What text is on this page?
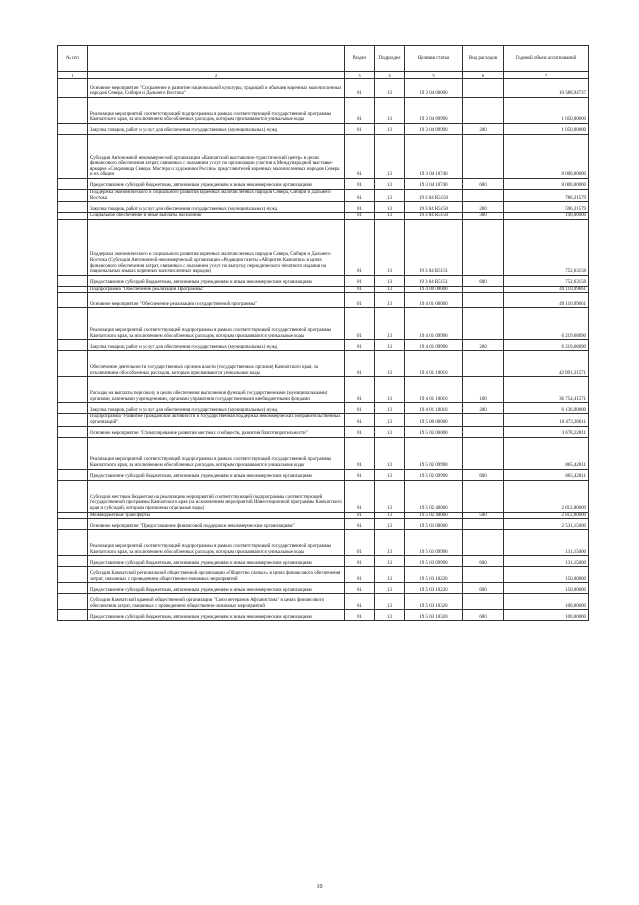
№ п/п		Раздел	Подраздел	Целевая статья	Вид расходов	Годовой объем ассигнований
1	2	3	4	5	6	7
	Основное мероприятие "Сохранение и развитие национальной культуры, традиций и обычаев коренных малочисленных народов Севера, Сибири и Дальнего Востока"	01	13	19 3 04 00000		10 588,94737
	Реализация мероприятий соответствующей подпрограммы в рамках соответствующей государственной программы Камчатского края, за исключением обособленных расходов, которым присваиваются уникальные коды	01	13	19 3 04 09990		1 050,00000
	Закупка товаров, работ и услуг для обеспечения государственных (муниципальных) нужд	01	13	19 3 04 09990	200	1 050,00000
	Субсидия Автономной некоммерческой организации «Камчатский выставочно-туристический центр» в целях финансового обеспечения затрат, связанных с оказанием услуг по организации участия в Международной выставке-ярмарке «Сокровища Севера. Мастера и художники России» представителей коренных малочисленных народов Севера и их общин	01	13	19 3 04 10740		8 000,00000
	Предоставление субсидий бюджетным, автономным учреждениям и иным некоммерческим организациям	01	13	19 3 04 10740	600	8 000,00000
	Поддержка экономического и социального развития коренных малочисленных народов Севера, Сибири и Дальнего Востока	01	13	19 3 04 R5150		786,31579
	Закупка товаров, работ и услуг для обеспечения государственных (муниципальных) нужд	01	13	19 3 04 R5150	200	596,31579
	Социальное обеспечение и иные выплаты населению	01	13	19 3 04 R5150	300	190,00000
	Поддержка экономического и социального развития коренных малочисленных народов Севера, Сибири и Дальнего Востока (Субсидия Автономной некоммерческой организации «Редакция газеты «Абориген Камчатки» в целях финансового обеспечения затрат, связанных с оказанием услуг по выпуску периодического печатного издания на национальных языках коренных малочисленных народов)	01	13	19 3 04 R5151		752,63158
	Предоставление субсидий бюджетным, автономным учреждениям и иным некоммерческим организациям	01	13	19 3 04 R5151	600	752,63158
	Подпрограмма "Обеспечение реализации Программы"	01	13	19 4 00 00000		49 110,99661
	Основное мероприятие "Обеспечение реализации государственной программы"	01	13	19 4 01 00000		49 110,99661
	Реализация мероприятий соответствующей подпрограммы в рамках соответствующей государственной программы Камчатского края, за исключением обособленных расходов, которым присваиваются уникальные коды	01	13	19 4 01 09990		6 219,68090
	Закупка товаров, работ и услуг для обеспечения государственных (муниципальных) нужд	01	13	19 4 01 09990	200	6 219,68090
	Обеспечение деятельности государственных органов власти (государственных органов) Камчатского края, за исключением обособленных расходов, которым присваиваются уникальные коды	01	13	19 4 01 10010		42 891,31571
	Расходы на выплаты персоналу в целях обеспечения выполнения функций государственными (муниципальными) органами, казенными учреждениями, органами управления государственными внебюджетными фондами	01	13	19 4 01 10010	100	36 754,41571
	Закупка товаров, работ и услуг для обеспечения государственных (муниципальных) нужд	01	13	19 4 01 10010	200	6 136,90000
	Подпрограмма "Развитие гражданской активности и государственная поддержка некоммерческих неправительственных организаций"	01	13	19 5 00 00000		10 473,28611
	Основное мероприятие "Стимулирование развития местных сообществ, развития благотворительности"	01	13	19 5 02 00000		3 678,22811
	Реализация мероприятий соответствующей подпрограммы в рамках соответствующей государственной программы Камчатского края, за исключением обособленных расходов, которым присваиваются уникальные коды	01	13	19 5 02 09990		865,42811
	Предоставление субсидий бюджетным, автономным учреждениям и иным некоммерческим организациям	01	13	19 5 02 09990	600	865,42811
	Субсидии местным бюджетам на реализацию мероприятий соответствующей подпрограммы соответствующей государственной программы Камчатского края (за исключением мероприятий Инвестиционной программы Камчатского края и субсидий, которым присвоены отдельные коды)	01	13	19 5 02 40060		2 812,80000
	Межбюджетные трансферты	01	13	19 5 02 40060	500	2 812,80000
	Основное мероприятие "Предоставление финансовой поддержки некоммерческим организациям"	01	13	19 5 03 00000		2 531,15000
	Реализация мероприятий соответствующей подпрограммы в рамках соответствующей государственной программы Камчатского края, за исключением обособленных расходов, которым присваиваются уникальные коды	01	13	19 5 03 09990		131,15000
	Предоставление субсидий бюджетным, автономным учреждениям и иным некоммерческим организациям	01	13	19 5 03 09990	600	131,15000
	Субсидия Камчатской региональной общественной организации «Общество слепых» в целях финансового обеспечения затрат, связанных с проведением общественно-значимых мероприятий	01	13	19 5 03 10220		150,00000
	Предоставление субсидий бюджетным, автономным учреждениям и иным некоммерческим организациям	01	13	19 5 03 10220	600	150,00000
	Субсидия Камчатской краевой общественной организации "Союз ветеранов Афганистана" в целях финансового обеспечения затрат, связанных с проведением общественно-значимых мероприятий	01	13	19 5 03 10320		100,00000
	Предоставление субсидий бюджетным, автономным учреждениям и иным некоммерческим организациям	01	13	19 5 03 10320	600	100,00000
10
